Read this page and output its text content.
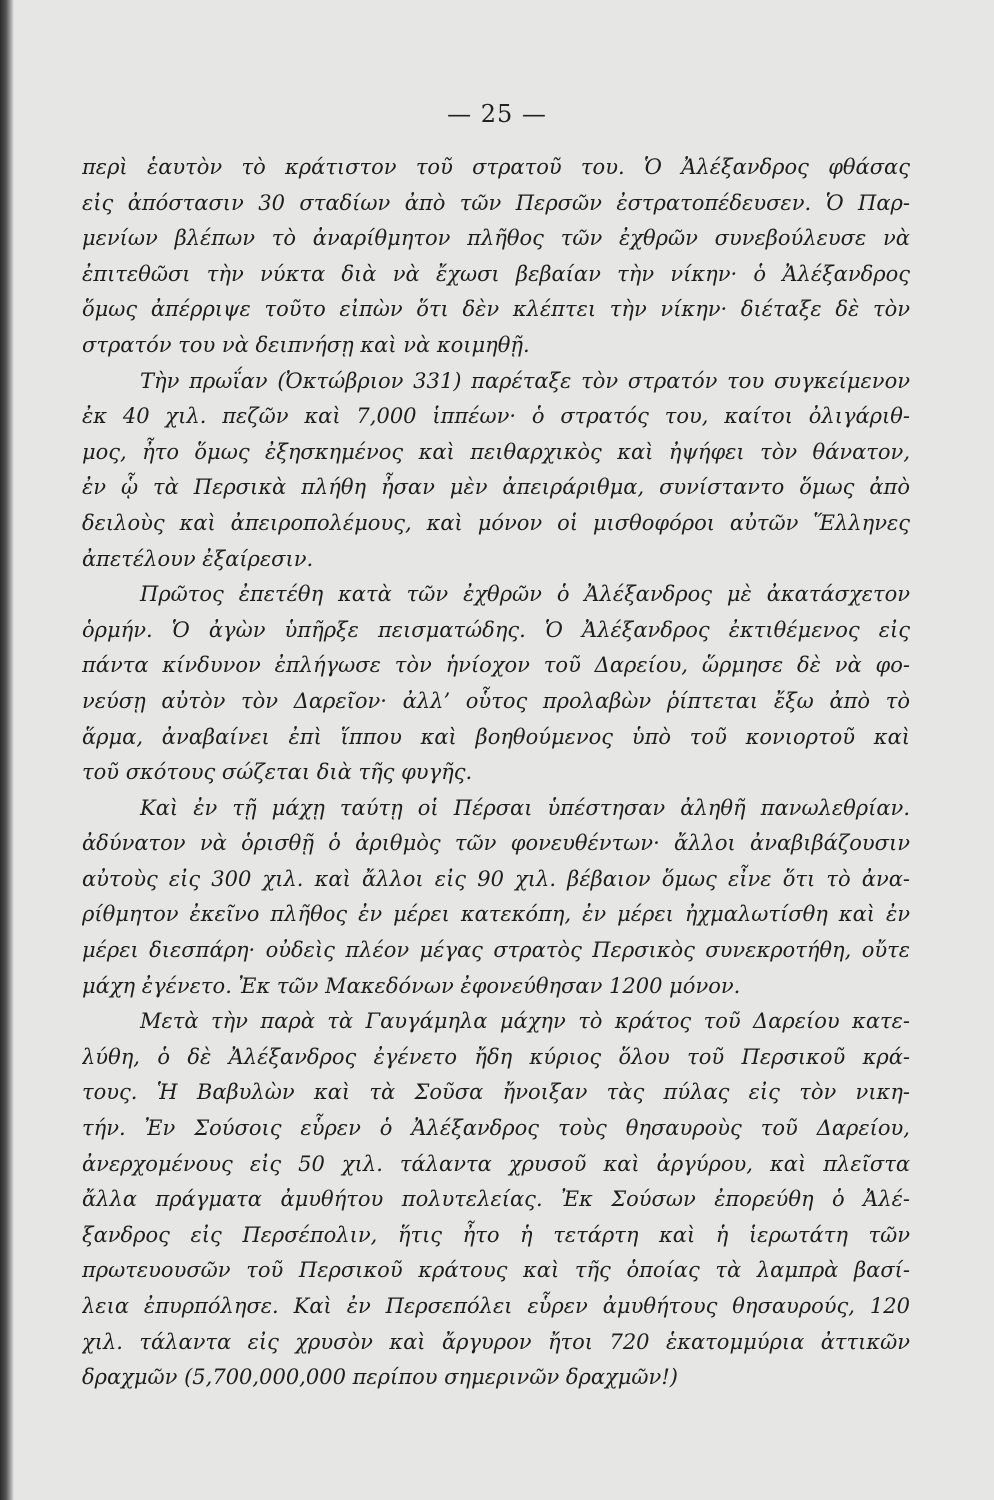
— 25 —
περὶ ἑαυτὸν τὸ κράτιστον τοῦ στρατοῦ του. Ὁ Ἀλέξανδρος φθάσας
εἰς ἀπόστασιν 30 σταδίων ἀπὸ τῶν Περσῶν ἐστρατοπέδευσεν. Ὁ Παρ-
μενίων βλέπων τὸ ἀναρίθμητον πλῆθος τῶν ἐχθρῶν συνεβούλευσε νὰ
ἐπιτεθῶσι τὴν νύκτα διὰ νὰ ἔχωσι βεβαίαν τὴν νίκην· ὁ Ἀλέξανδρος
ὅμως ἀπέρριψε τοῦτο εἰπὼν ὅτι δὲν κλέπτει τὴν νίκην· διέταξε δὲ τὸν
στρατόν του νὰ δειπνήσῃ καὶ νὰ κοιμηθῇ.
Τὴν πρωΐαν (Ὀκτώβριον 331) παρέταξε τὸν στρατόν του συγκείμενον
ἐκ 40 χιλ. πεζῶν καὶ 7,000 ἱππέων· ὁ στρατός του, καίτοι ὀλιγάριθ-
μος, ἦτο ὅμως ἐξησκημένος καὶ πειθαρχικὸς καὶ ἠψήφει τὸν θάνατον,
ἐν ᾧ τὰ Περσικὰ πλήθη ἦσαν μὲν ἀπειράριθμα, συνίσταντο ὅμως ἀπὸ
δειλοὺς καὶ ἀπειροπολέμους, καὶ μόνον οἱ μισθοφόροι αὐτῶν Ἕλληνες
ἀπετέλουν ἐξαίρεσιν.
Πρῶτος ἐπετέθη κατὰ τῶν ἐχθρῶν ὁ Ἀλέξανδρος μὲ ἀκατάσχετον
ὁρμήν. Ὁ ἀγὼν ὑπῆρξε πεισματώδης. Ὁ Ἀλέξανδρος ἐκτιθέμενος εἰς
πάντα κίνδυνον ἐπλήγωσε τὸν ἡνίοχον τοῦ Δαρείου, ὥρμησε δὲ νὰ φο-
νεύσῃ αὐτὸν τὸν Δαρεῖον· ἀλλ’ οὗτος προλαβὼν ῥίπτεται ἔξω ἀπὸ τὸ
ἅρμα, ἀναβαίνει ἐπὶ ἵππου καὶ βοηθούμενος ὑπὸ τοῦ κονιορτοῦ καὶ
τοῦ σκότους σώζεται διὰ τῆς φυγῆς.
Καὶ ἐν τῇ μάχῃ ταύτῃ οἱ Πέρσαι ὑπέστησαν ἀληθῆ πανωλεθρίαν.
ἀδύνατον νὰ ὁρισθῇ ὁ ἀριθμὸς τῶν φονευθέντων· ἄλλοι ἀναβιβάζουσιν
αὐτοὺς εἰς 300 χιλ. καὶ ἄλλοι εἰς 90 χιλ. βέβαιον ὅμως εἶνε ὅτι τὸ ἀνα-
ρίθμητον ἐκεῖνο πλῆθος ἐν μέρει κατεκόπη, ἐν μέρει ἠχμαλωτίσθη καὶ ἐν
μέρει διεσπάρη· οὐδεὶς πλέον μέγας στρατὸς Περσικὸς συνεκροτήθη, οὔτε
μάχη ἐγένετο. Ἐκ τῶν Μακεδόνων ἐφονεύθησαν 1200 μόνον.
Μετὰ τὴν παρὰ τὰ Γαυγάμηλα μάχην τὸ κράτος τοῦ Δαρείου κατε-
λύθη, ὁ δὲ Ἀλέξανδρος ἐγένετο ἤδη κύριος ὅλου τοῦ Περσικοῦ κρά-
τους. Ἡ Βαβυλὼν καὶ τὰ Σοῦσα ἤνοιξαν τὰς πύλας εἰς τὸν νικη-
τήν. Ἐν Σούσοις εὗρεν ὁ Ἀλέξανδρος τοὺς θησαυροὺς τοῦ Δαρείου,
ἀνερχομένους εἰς 50 χιλ. τάλαντα χρυσοῦ καὶ ἀργύρου, καὶ πλεῖστα
ἄλλα πράγματα ἀμυθήτου πολυτελείας. Ἐκ Σούσων ἐπορεύθη ὁ Ἀλέ-
ξανδρος εἰς Περσέπολιν, ἥτις ἦτο ἡ τετάρτη καὶ ἡ ἱερωτάτη τῶν
πρωτευουσῶν τοῦ Περσικοῦ κράτους καὶ τῆς ὁποίας τὰ λαμπρὰ βασί-
λεια ἐπυρπόλησε. Καὶ ἐν Περσεπόλει εὗρεν ἀμυθήτους θησαυρούς, 120
χιλ. τάλαντα εἰς χρυσὸν καὶ ἄργυρον ἤτοι 720 ἑκατομμύρια ἀττικῶν
δραχμῶν (5,700,000,000 περίπου σημερινῶν δραχμῶν!)
